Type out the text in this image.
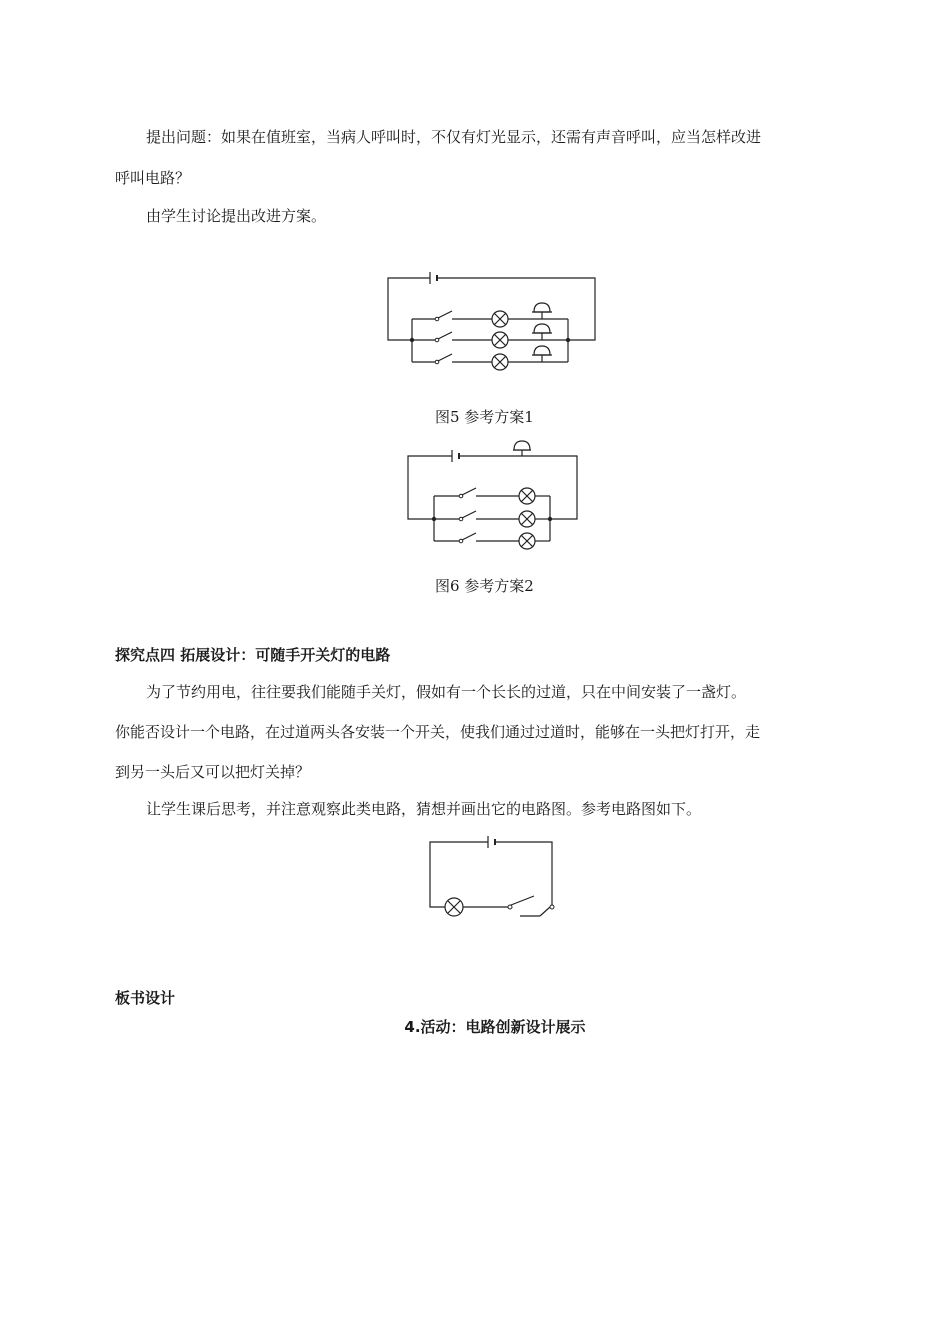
提出问题：如果在值班室，当病人呼叫时，不仅有灯光显示，还需有声音呼叫，应当怎样改进
呼叫电路？
由学生讨论提出改进方案。
图5 参考方案1
图6 参考方案2
探究点四 拓展设计：可随手开关灯的电路
为了节约用电，往往要我们能随手关灯，假如有一个长长的过道，只在中间安装了一盏灯。
你能否设计一个电路，在过道两头各安装一个开关，使我们通过过道时，能够在一头把灯打开，走
到另一头后又可以把灯关掉？
让学生课后思考，并注意观察此类电路，猜想并画出它的电路图。参考电路图如下。
板书设计
4.活动：电路创新设计展示
